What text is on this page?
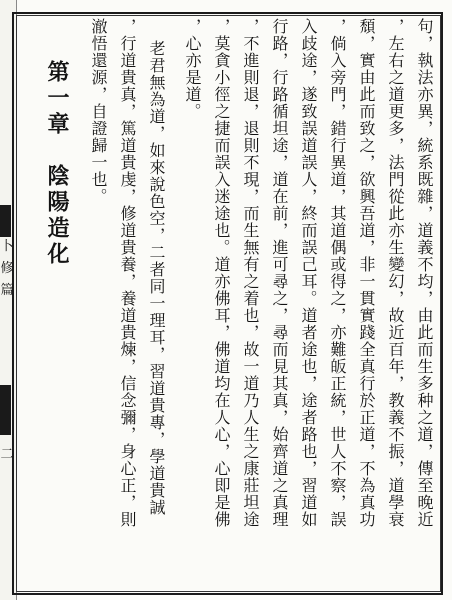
卜
修
篇
二	句，執法亦異，統系既雜，道義不均，由此而生多种之道，傳至晚近
，左右之道更多，法門從此亦生變幻，故近百年，教義不振，道學衰
頹，實由此而致之，欲興吾道，非一貫實踐全真行於正道，不為真功
，倘入旁門，錯行異道，其道偶或得之，亦難皈正統，世人不察，誤
入歧途，遂致誤道誤人，終而誤己耳。道者途也，途者路也，習道如
行路，行路循坦途，道在前，進可尋之，尋而見其真，始齊道之真理
，不進則退，退則不現，而生無有之着也，故一道乃人生之康莊坦途
，莫貪小徑之捷而誤入迷途也。道亦佛耳，佛道均在人心，心即是佛
，心亦是道。
老君無為道，如來說色空，二者同一理耳，習道貴專，學道貴誠
，行道貴真，篤道貴虔，修道貴養，養道貴煉，信念彌，身心正，則
澈悟還源，自證歸一也。
第一章　陰陽造化
